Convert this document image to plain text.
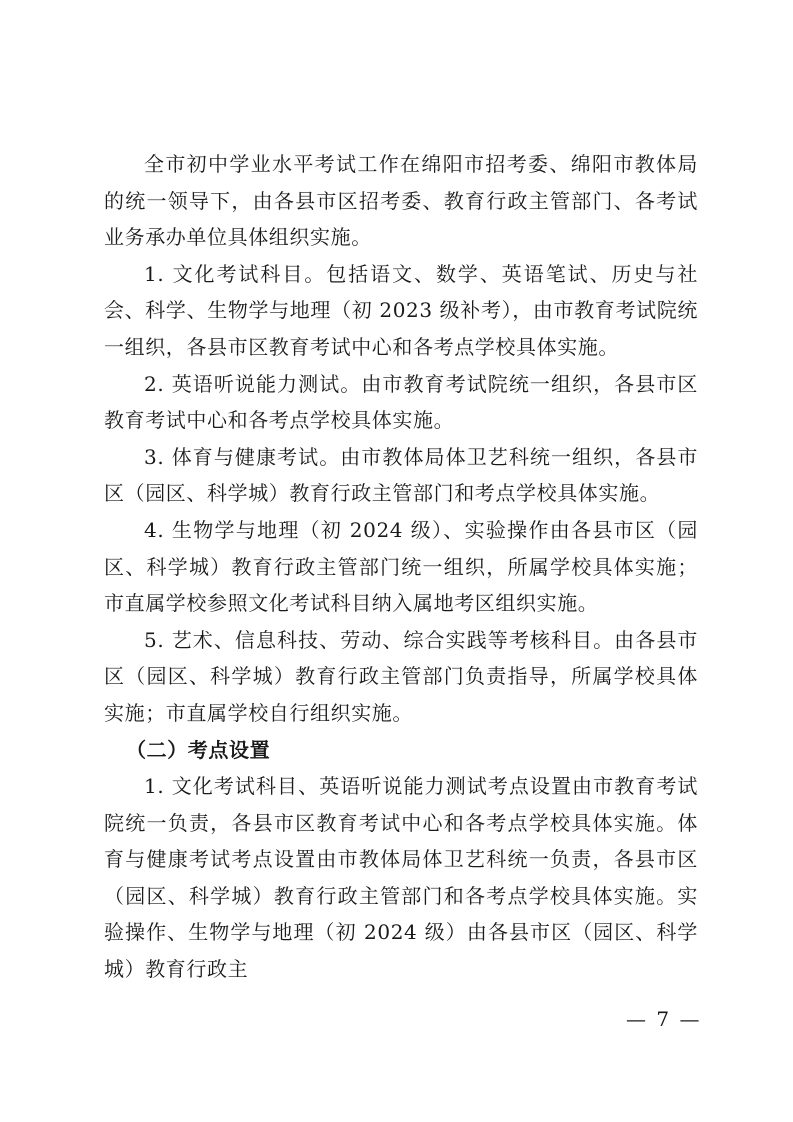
全市初中学业水平考试工作在绵阳市招考委、绵阳市教体局的统一领导下，由各县市区招考委、教育行政主管部门、各考试业务承办单位具体组织实施。

1. 文化考试科目。包括语文、数学、英语笔试、历史与社会、科学、生物学与地理（初 2023 级补考），由市教育考试院统一组织，各县市区教育考试中心和各考点学校具体实施。

2. 英语听说能力测试。由市教育考试院统一组织，各县市区教育考试中心和各考点学校具体实施。

3. 体育与健康考试。由市教体局体卫艺科统一组织，各县市区（园区、科学城）教育行政主管部门和考点学校具体实施。

4. 生物学与地理（初 2024 级）、实验操作由各县市区（园区、科学城）教育行政主管部门统一组织，所属学校具体实施；市直属学校参照文化考试科目纳入属地考区组织实施。

5. 艺术、信息科技、劳动、综合实践等考核科目。由各县市区（园区、科学城）教育行政主管部门负责指导，所属学校具体实施；市直属学校自行组织实施。

（二）考点设置

1. 文化考试科目、英语听说能力测试考点设置由市教育考试院统一负责，各县市区教育考试中心和各考点学校具体实施。体育与健康考试考点设置由市教体局体卫艺科统一负责，各县市区（园区、科学城）教育行政主管部门和各考点学校具体实施。实验操作、生物学与地理（初 2024 级）由各县市区（园区、科学城）教育行政主

— 7 —
